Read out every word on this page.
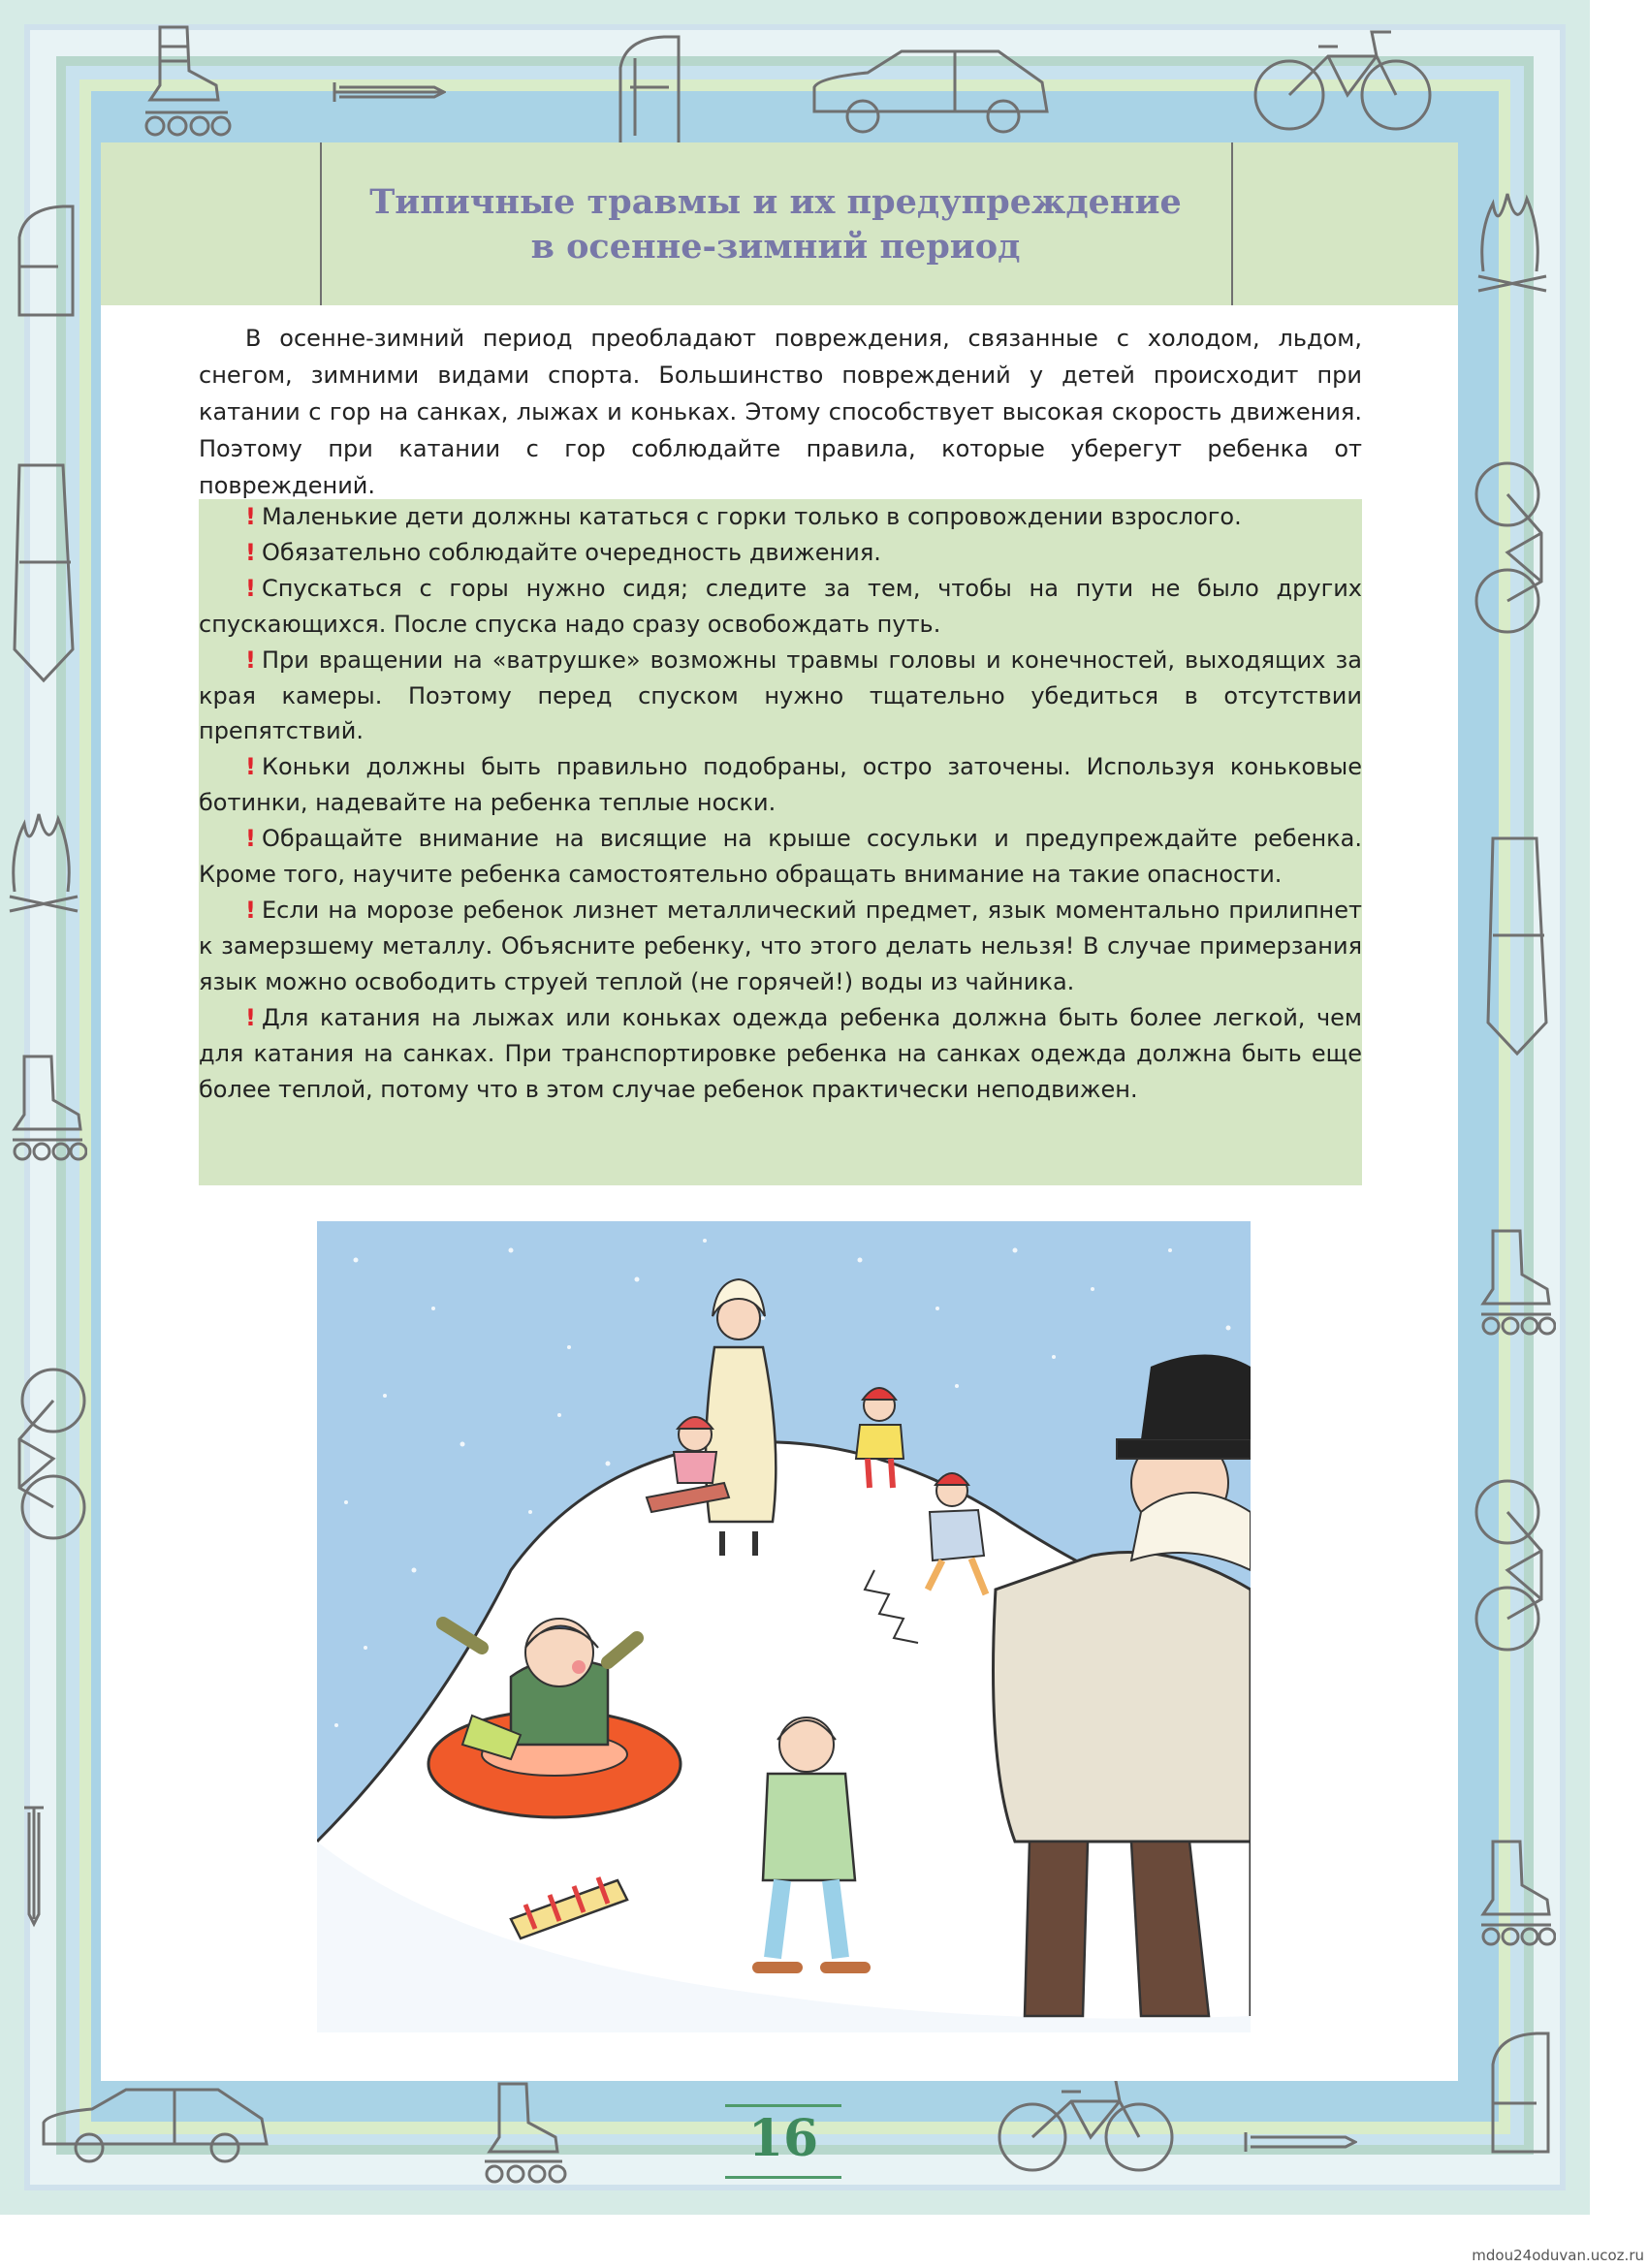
Типичные травмы и их предупреждение
в осенне-зимний период

В осенне-зимний период преобладают повреждения, связанные с холодом, льдом, снегом, зимними видами спорта. Большинство повреждений у детей происходит при катании с гор на санках, лыжах и коньках. Этому способствует высокая скорость движения. Поэтому при катании с гор соблюдайте правила, которые уберегут ребенка от повреждений.

! Маленькие дети должны кататься с горки только в сопровождении взрослого.

! Обязательно соблюдайте очередность движения.

! Спускаться с горы нужно сидя; следите за тем, чтобы на пути не было других спускающихся. После спуска надо сразу освобождать путь.

! При вращении на «ватрушке» возможны травмы головы и конечностей, выходящих за края камеры. Поэтому перед спуском нужно тщательно убедиться в отсутствии препятствий.

! Коньки должны быть правильно подобраны, остро заточены. Используя коньковые ботинки, надевайте на ребенка теплые носки.

! Обращайте внимание на висящие на крыше сосульки и предупреждайте ребенка. Кроме того, научите ребенка самостоятельно обращать внимание на такие опасности.

! Если на морозе ребенок лизнет металлический предмет, язык моментально прилипнет к замерзшему металлу. Объясните ребенку, что этого делать нельзя! В случае примерзания язык можно освободить струей теплой (не горячей!) воды из чайника.

! Для катания на лыжах или коньках одежда ребенка должна быть более легкой, чем для катания на санках. При транспортировке ребенка на санках одежда должна быть еще более теплой, потому что в этом случае ребенок практически неподвижен.

16
mdou24oduvan.ucoz.ru
